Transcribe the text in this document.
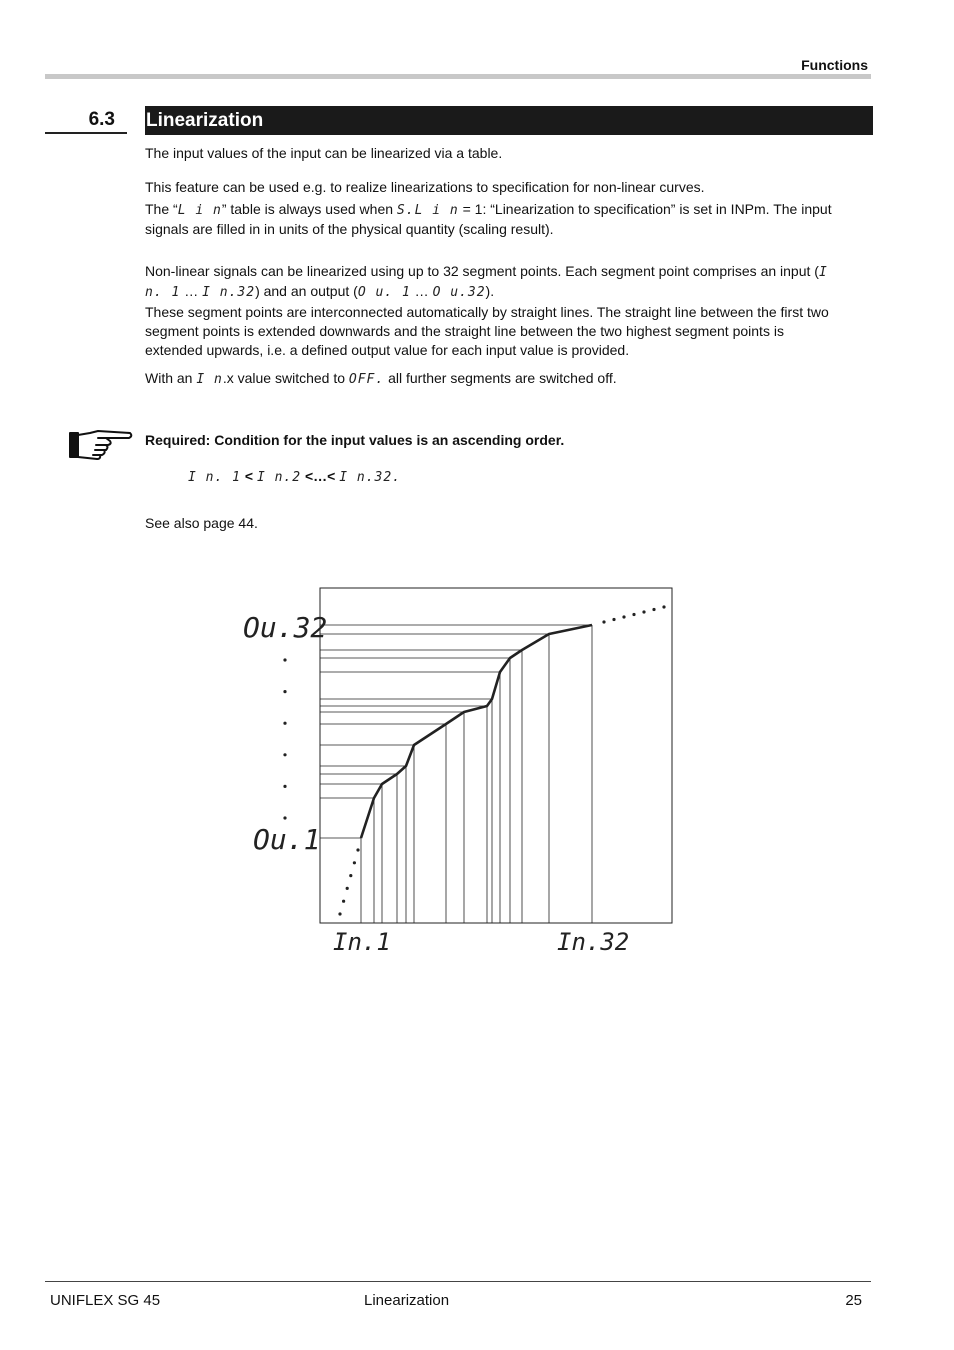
Functions
6.3	Linearization
The input values of the input can be linearized via a table.
This feature can be used e.g. to realize linearizations to specification for non-linear curves.
The “L i n” table is always used when S.L i n = 1: “Linearization to specification” is set in INPm. The input signals are filled in in units of the physical quantity (scaling result).
Non-linear signals can be linearized using up to 32 segment points. Each segment point comprises an input (I n. 1 … I n.32) and an output (O u. 1 … O u.32).
These segment points are interconnected automatically by straight lines. The straight line between the first two segment points is extended downwards and the straight line between the two highest segment points is extended upwards, i.e. a defined output value for each input value is provided.
With an I n.x value switched to OFF. all further segments are switched off.
Required: Condition for the input values is an ascending order.
I n. 1 < I n.2 <…< I n.32.
See also page 44.
Ou.32
Ou.1
In.1	In.32
UNIFLEX SG 45	Linearization	25
